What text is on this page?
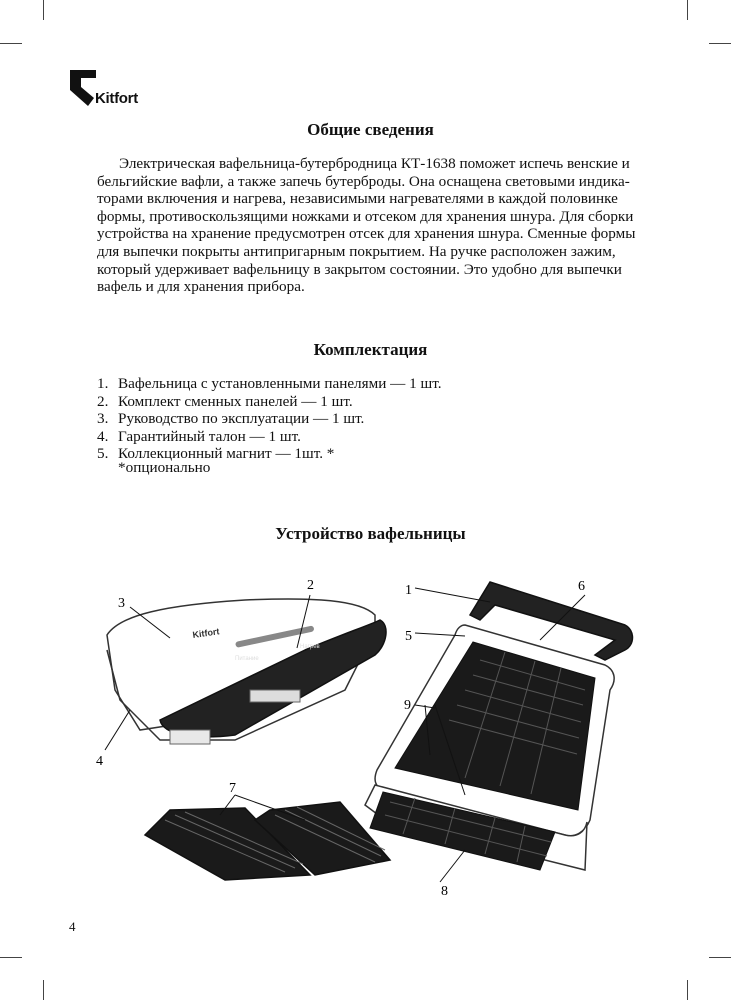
Kitfort
Общие сведения

Электрическая вафельница-бутербродница КТ-1638 поможет испечь венские и бельгийские вафли, а также запечь бутерброды. Она оснащена световыми индика- торами включения и нагрева, независимыми нагревателями в каждой половинке формы, противоскользящими ножками и отсеком для хранения шнура. Для сборки устройства на хранение предусмотрен отсек для хранения шнура. Сменные формы для выпечки покрыты антипригарным покрытием. На ручке расположен зажим, который удерживает вафельницу в закрытом состоянии. Это удобно для выпечки вафель и для хранения прибора.

Комплектация
1. Вафельница с установленными панелями — 1 шт.
2. Комплект сменных панелей — 1 шт.
3. Руководство по эксплуатации — 1 шт.
4. Гарантийный талон — 1 шт.
5. Коллекционный магнит — 1шт. *
*опционально
Устройство вафельницы
Питание
Нагрев
Kitfort
1
2
3
4
5
6
7
8
9
4
